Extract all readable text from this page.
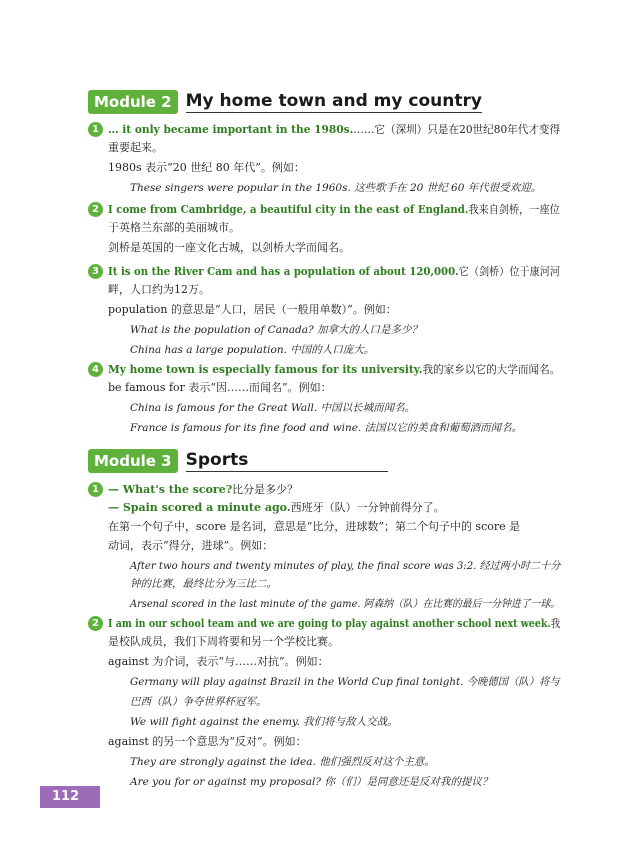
Module 2 My home town and my country
1 … it only became important in the 1980s.……它（深圳）只是在20世纪80年代才变得
重要起来。
1980s 表示“20 世纪 80 年代”。例如：
These singers were popular in the 1960s. 这些歌手在 20 世纪 60 年代很受欢迎。
2 I come from Cambridge, a beautiful city in the east of England.我来自剑桥，一座位
于英格兰东部的美丽城市。
剑桥是英国的一座文化古城，以剑桥大学而闻名。
3 It is on the River Cam and has a population of about 120,000.它（剑桥）位于康河河
畔，人口约为12万。
population 的意思是“人口，居民（一般用单数）”。例如：
What is the population of Canada? 加拿大的人口是多少？
China has a large population. 中国的人口庞大。
4 My home town is especially famous for its university.我的家乡以它的大学而闻名。
be famous for 表示“因……而闻名”。例如：
China is famous for the Great Wall. 中国以长城而闻名。
France is famous for its fine food and wine. 法国以它的美食和葡萄酒而闻名。
Module 3 Sports
1 — What's the score?比分是多少？
— Spain scored a minute ago.西班牙（队）一分钟前得分了。
在第一个句子中，score 是名词，意思是“比分，进球数”；第二个句子中的 score 是
动词，表示“得分，进球”。例如：
After two hours and twenty minutes of play, the final score was 3:2. 经过两小时二十分
钟的比赛，最终比分为三比二。
Arsenal scored in the last minute of the game. 阿森纳（队）在比赛的最后一分钟进了一球。
2 I am in our school team and we are going to play against another school next week.我
是校队成员，我们下周将要和另一个学校比赛。
against 为介词，表示“与……对抗”。例如：
Germany will play against Brazil in the World Cup final tonight. 今晚德国（队）将与
巴西（队）争夺世界杯冠军。
We will fight against the enemy. 我们将与敌人交战。
against 的另一个意思为“反对”。例如：
They are strongly against the idea. 他们强烈反对这个主意。
Are you for or against my proposal? 你（们）是同意还是反对我的提议？
112
